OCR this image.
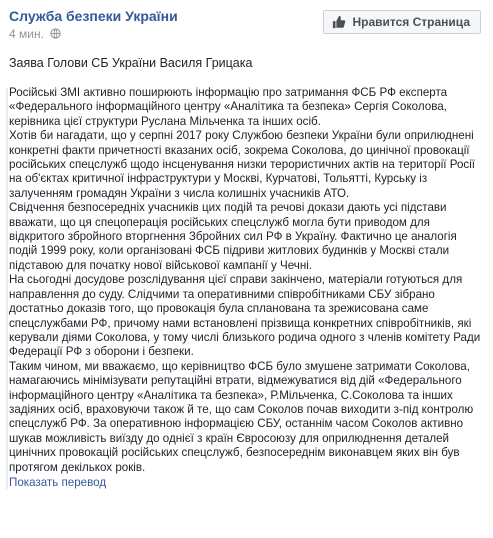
Служба безпеки України
4 мин.
Нравится Страница
Заява Голови СБ України Василя Грицака

Російські ЗМІ активно поширюють інформацію про затримання ФСБ РФ експерта «Федерального інформаційного центру «Аналітика та безпека» Сергія Соколова, керівника цієї структури Руслана Мільченка та інших осіб.

Хотів би нагадати, що у серпні 2017 року Службою безпеки України були оприлюднені конкретні факти причетності вказаних осіб, зокрема Соколова, до цинічної провокації російських спецслужб щодо інсценування низки терористичних актів на території Росії на об'єктах критичної інфраструктури у Москві, Курчатові, Тольятті, Курську із залученням громадян України з числа колишніх учасників АТО.

Свідчення безпосередніх учасників цих подій та речові докази дають усі підстави вважати, що ця спецоперація російських спецслужб могла бути приводом для відкритого збройного вторгнення Збройних сил РФ в Україну. Фактично це аналогія подій 1999 року, коли організовані ФСБ підриви житлових будинків у Москві стали підставою для початку нової військової кампанії у Чечні.

На сьогодні досудове розслідування цієї справи закінчено, матеріали готуються для направлення до суду. Слідчими та оперативними співробітниками СБУ зібрано достатньо доказів того, що провокація була спланована та зрежисована саме спецслужбами РФ, причому нами встановлені прізвища конкретних співробітників, які керували діями Соколова, у тому числі близького родича одного з членів комітету Ради Федерації РФ з оборони і безпеки.

Таким чином, ми вважаємо, що керівництво ФСБ було змушене затримати Соколова, намагаючись мінімізувати репутаційні втрати, відмежуватися від дій «Федерального інформаційного центру «Аналітика та безпека», Р.Мільченка, С.Соколова та інших задіяних осіб, враховуючи також й те, що сам Соколов почав виходити з-під контролю спецслужб РФ. За оперативною інформацією СБУ, останнім часом Соколов активно шукав можливість виїзду до однієї з країн Євросоюзу для оприлюднення деталей цинічних провокацій російських спецслужб, безпосереднім виконавцем яких він був протягом декількох років.

Показать перевод
